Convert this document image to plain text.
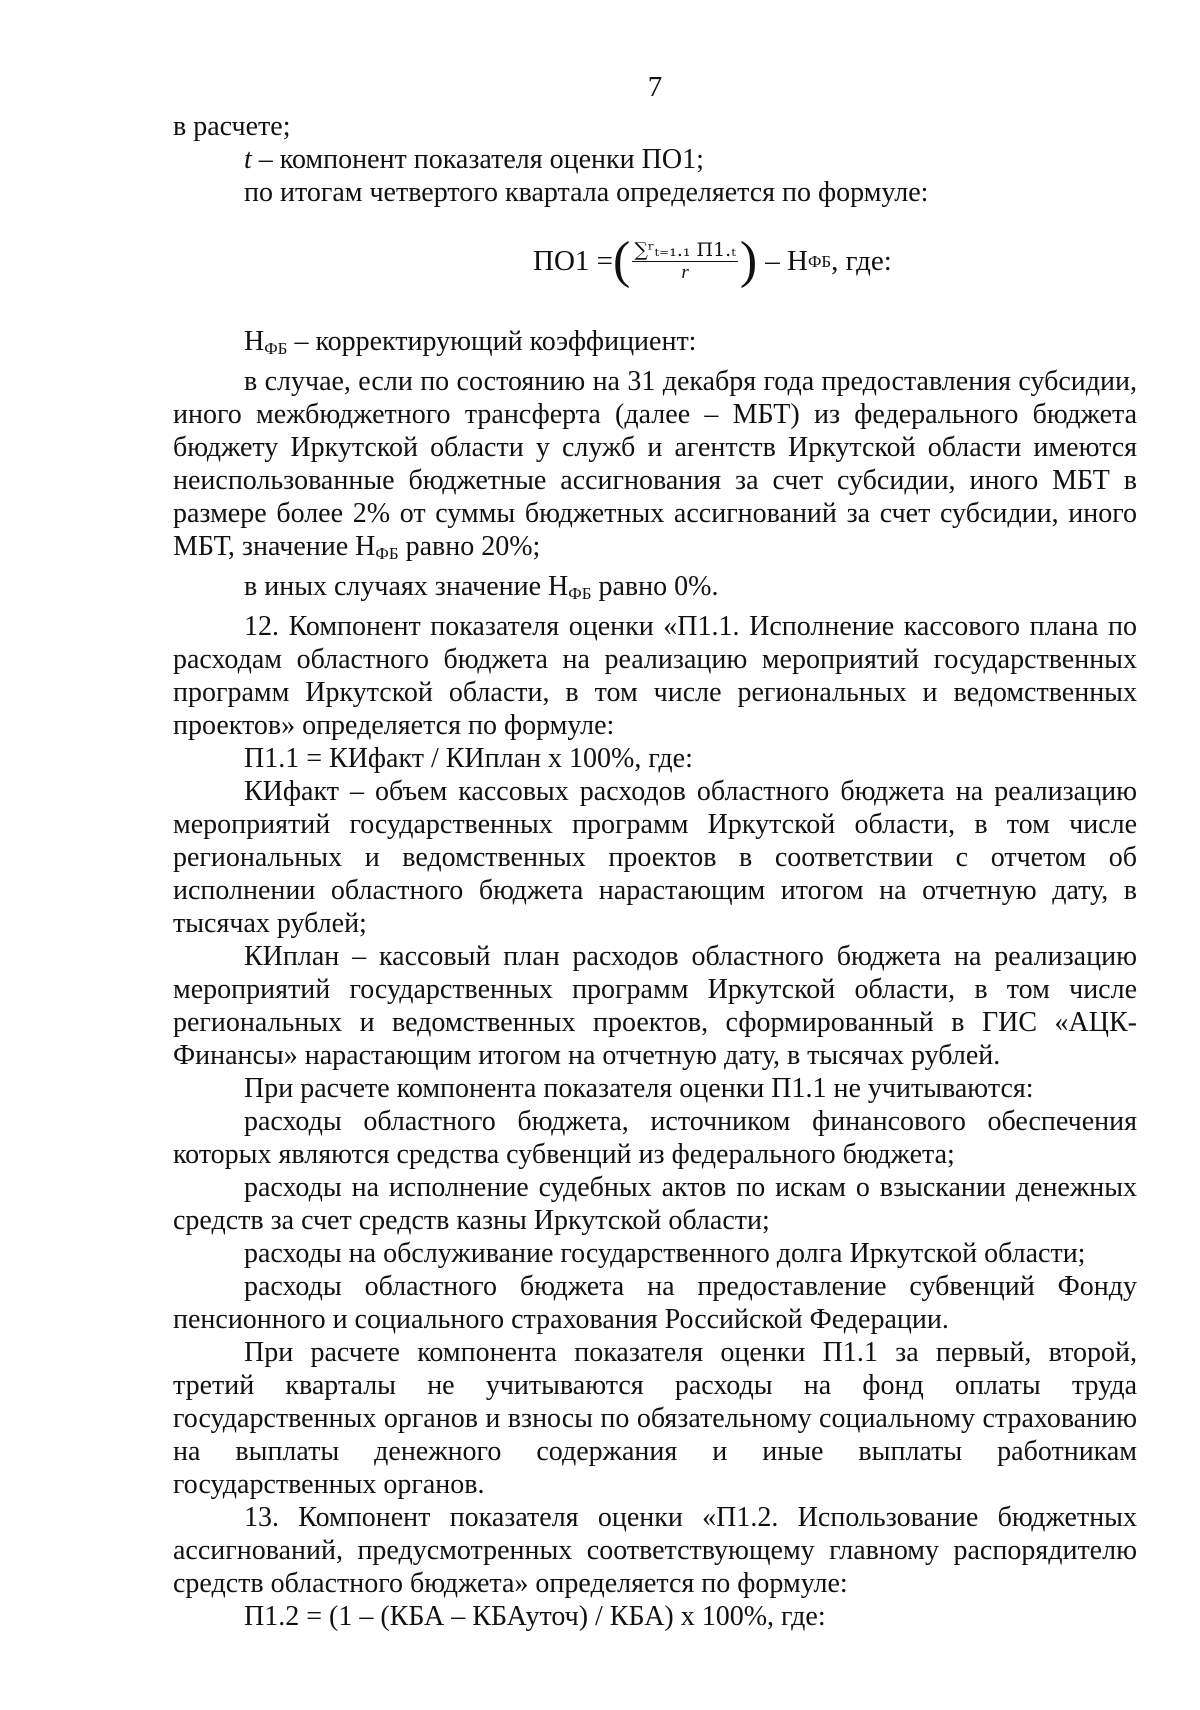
7

в расчете;

t – компонент показателя оценки ПО1;

по итогам четвертого квартала определяется по формуле:

ПО1 = ( $\frac{\text{∑ʳₜ₌₁.₁ П1.ₜ}}{r}$ ) – Н ФБ , где:

$Н_{ФБ}$ – корректирующий коэффициент:

в случае, если по состоянию на 31 декабря года предоставления субсидии, иного межбюджетного трансферта (далее – МБТ) из федерального бюджета бюджету Иркутской области у служб и агентств Иркутской области имеются неиспользованные бюджетные ассигнования за счет субсидии, иного МБТ в размере более 2% от суммы бюджетных ассигнований за счет субсидии, иного МБТ, значение $Н_{ФБ}$ равно 20%;

в иных случаях значение $Н_{ФБ}$ равно 0%.

12. Компонент показателя оценки «П1.1. Исполнение кассового плана по расходам областного бюджета на реализацию мероприятий государственных программ Иркутской области, в том числе региональных и ведомственных проектов» определяется по формуле:

П1.1 = КИфакт / КИплан х 100%, где:

КИфакт – объем кассовых расходов областного бюджета на реализацию мероприятий государственных программ Иркутской области, в том числе региональных и ведомственных проектов в соответствии с отчетом об исполнении областного бюджета нарастающим итогом на отчетную дату, в тысячах рублей;

КИплан – кассовый план расходов областного бюджета на реализацию мероприятий государственных программ Иркутской области, в том числе региональных и ведомственных проектов, сформированный в ГИС «АЦК-Финансы» нарастающим итогом на отчетную дату, в тысячах рублей.

При расчете компонента показателя оценки П1.1 не учитываются:

расходы областного бюджета, источником финансового обеспечения которых являются средства субвенций из федерального бюджета;

расходы на исполнение судебных актов по искам о взыскании денежных средств за счет средств казны Иркутской области;

расходы на обслуживание государственного долга Иркутской области;

расходы областного бюджета на предоставление субвенций Фонду пенсионного и социального страхования Российской Федерации.

При расчете компонента показателя оценки П1.1 за первый, второй, третий кварталы не учитываются расходы на фонд оплаты труда государственных органов и взносы по обязательному социальному страхованию на выплаты денежного содержания и иные выплаты работникам государственных органов.

13. Компонент показателя оценки «П1.2. Использование бюджетных ассигнований, предусмотренных соответствующему главному распорядителю средств областного бюджета» определяется по формуле:

П1.2 = (1 – (КБА – КБАуточ) / КБА) х 100%, где:
